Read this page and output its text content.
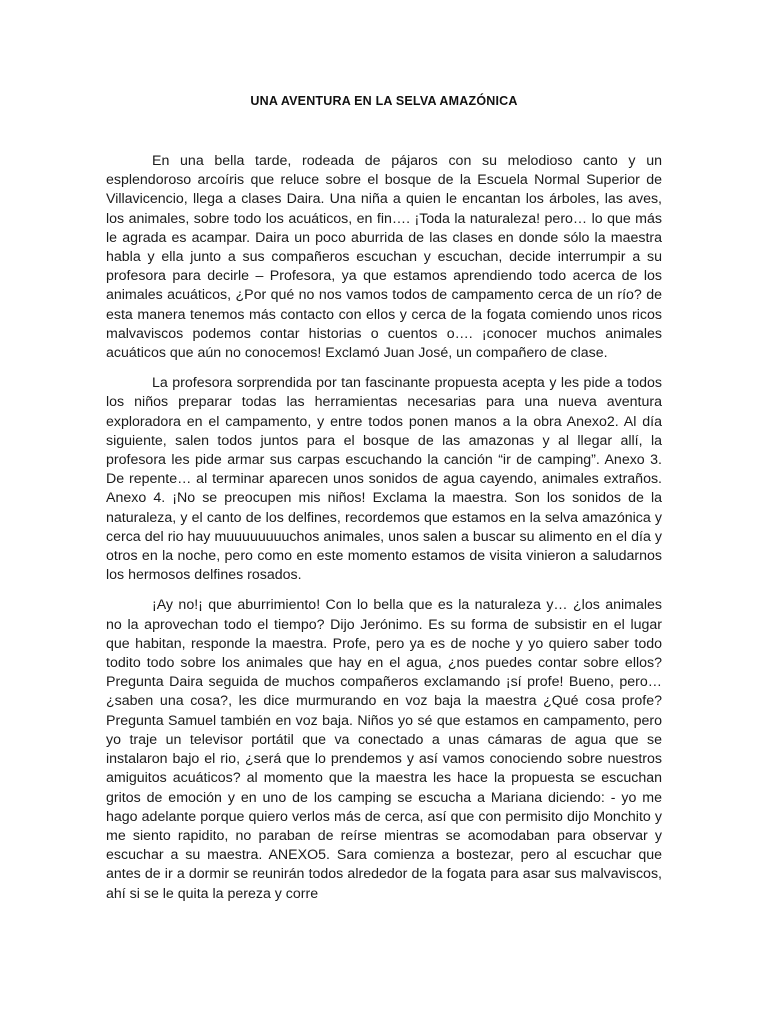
UNA AVENTURA EN LA SELVA AMAZÓNICA

En una bella tarde, rodeada de pájaros con su melodioso canto y un esplendoroso arcoíris que reluce sobre el bosque de la Escuela Normal Superior de Villavicencio, llega a clases Daira. Una niña a quien le encantan los árboles, las aves, los animales, sobre todo los acuáticos, en fin…. ¡Toda la naturaleza! pero… lo que más le agrada es acampar. Daira un poco aburrida de las clases en donde sólo la maestra habla y ella junto a sus compañeros escuchan y escuchan, decide interrumpir a su profesora para decirle – Profesora, ya que estamos aprendiendo todo acerca de los animales acuáticos, ¿Por qué no nos vamos todos de campamento cerca de un río? de esta manera tenemos más contacto con ellos y cerca de la fogata comiendo unos ricos malvaviscos podemos contar historias o cuentos o…. ¡conocer muchos animales acuáticos que aún no conocemos! Exclamó Juan José, un compañero de clase.

La profesora sorprendida por tan fascinante propuesta acepta y les pide a todos los niños preparar todas las herramientas necesarias para una nueva aventura exploradora en el campamento, y entre todos ponen manos a la obra Anexo2. Al día siguiente, salen todos juntos para el bosque de las amazonas y al llegar allí, la profesora les pide armar sus carpas escuchando la canción “ir de camping”. Anexo 3. De repente… al terminar aparecen unos sonidos de agua cayendo, animales extraños. Anexo 4. ¡No se preocupen mis niños! Exclama la maestra. Son los sonidos de la naturaleza, y el canto de los delfines, recordemos que estamos en la selva amazónica y cerca del rio hay muuuuuuuuchos animales, unos salen a buscar su alimento en el día y otros en la noche, pero como en este momento estamos de visita vinieron a saludarnos los hermosos delfines rosados.

¡Ay no!¡ que aburrimiento! Con lo bella que es la naturaleza y… ¿los animales no la aprovechan todo el tiempo? Dijo Jerónimo. Es su forma de subsistir en el lugar que habitan, responde la maestra. Profe, pero ya es de noche y yo quiero saber todo todito todo sobre los animales que hay en el agua, ¿nos puedes contar sobre ellos? Pregunta Daira seguida de muchos compañeros exclamando ¡sí profe! Bueno, pero… ¿saben una cosa?, les dice murmurando en voz baja la maestra ¿Qué cosa profe? Pregunta Samuel también en voz baja. Niños yo sé que estamos en campamento, pero yo traje un televisor portátil que va conectado a unas cámaras de agua que se instalaron bajo el rio, ¿será que lo prendemos y así vamos conociendo sobre nuestros amiguitos acuáticos? al momento que la maestra les hace la propuesta se escuchan gritos de emoción y en uno de los camping se escucha a Mariana diciendo: - yo me hago adelante porque quiero verlos más de cerca, así que con permisito dijo Monchito y me siento rapidito, no paraban de reírse mientras se acomodaban para observar y escuchar a su maestra. ANEXO5. Sara comienza a bostezar, pero al escuchar que antes de ir a dormir se reunirán todos alrededor de la fogata para asar sus malvaviscos, ahí si se le quita la pereza y corre
